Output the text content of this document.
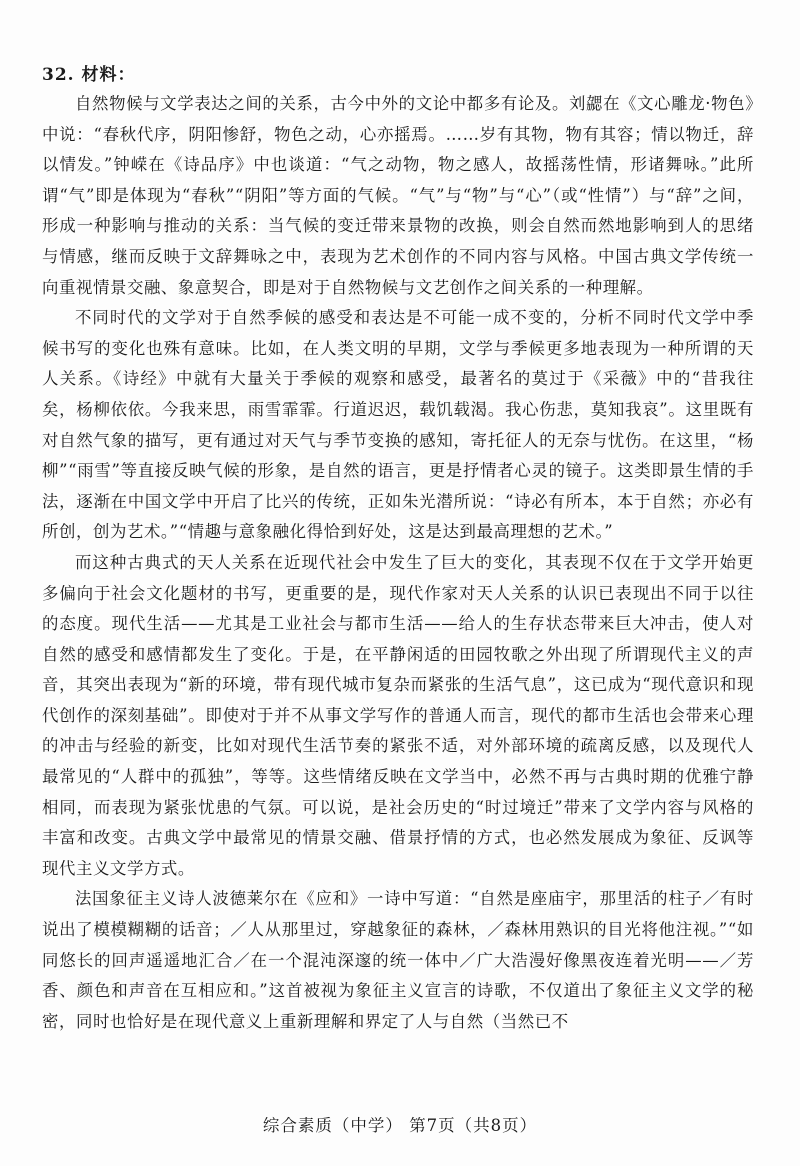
32. 材料：

自然物候与文学表达之间的关系，古今中外的文论中都多有论及。刘勰在《文心雕龙·物色》中说：“春秋代序，阴阳惨舒，物色之动，心亦摇焉。……岁有其物，物有其容；情以物迁，辞以情发。”钟嵘在《诗品序》中也谈道：“气之动物，物之感人，故摇荡性情，形诸舞咏。”此所谓“气”即是体现为“春秋”“阴阳”等方面的气候。“气”与“物”与“心”（或“性情”）与“辞”之间，形成一种影响与推动的关系：当气候的变迁带来景物的改换，则会自然而然地影响到人的思绪与情感，继而反映于文辞舞咏之中，表现为艺术创作的不同内容与风格。中国古典文学传统一向重视情景交融、象意契合，即是对于自然物候与文艺创作之间关系的一种理解。

不同时代的文学对于自然季候的感受和表达是不可能一成不变的，分析不同时代文学中季候书写的变化也殊有意味。比如，在人类文明的早期，文学与季候更多地表现为一种所谓的天人关系。《诗经》中就有大量关于季候的观察和感受，最著名的莫过于《采薇》中的“昔我往矣，杨柳依依。今我来思，雨雪霏霏。行道迟迟，载饥载渴。我心伤悲，莫知我哀”。这里既有对自然气象的描写，更有通过对天气与季节变换的感知，寄托征人的无奈与忧伤。在这里，“杨柳”“雨雪”等直接反映气候的形象，是自然的语言，更是抒情者心灵的镜子。这类即景生情的手法，逐渐在中国文学中开启了比兴的传统，正如朱光潜所说：“诗必有所本，本于自然；亦必有所创，创为艺术。”“情趣与意象融化得恰到好处，这是达到最高理想的艺术。”

而这种古典式的天人关系在近现代社会中发生了巨大的变化，其表现不仅在于文学开始更多偏向于社会文化题材的书写，更重要的是，现代作家对天人关系的认识已表现出不同于以往的态度。现代生活——尤其是工业社会与都市生活——给人的生存状态带来巨大冲击，使人对自然的感受和感情都发生了变化。于是，在平静闲适的田园牧歌之外出现了所谓现代主义的声音，其突出表现为“新的环境，带有现代城市复杂而紧张的生活气息”，这已成为“现代意识和现代创作的深刻基础”。即使对于并不从事文学写作的普通人而言，现代的都市生活也会带来心理的冲击与经验的新变，比如对现代生活节奏的紧张不适，对外部环境的疏离反感，以及现代人最常见的“人群中的孤独”，等等。这些情绪反映在文学当中，必然不再与古典时期的优雅宁静相同，而表现为紧张忧患的气氛。可以说，是社会历史的“时过境迁”带来了文学内容与风格的丰富和改变。古典文学中最常见的情景交融、借景抒情的方式，也必然发展成为象征、反讽等现代主义文学方式。

法国象征主义诗人波德莱尔在《应和》一诗中写道：“自然是座庙宇，那里活的柱子／有时说出了模模糊糊的话音；／人从那里过，穿越象征的森林，／森林用熟识的目光将他注视。”“如同悠长的回声遥遥地汇合／在一个混沌深邃的统一体中／广大浩漫好像黑夜连着光明——／芳香、颜色和声音在互相应和。”这首被视为象征主义宣言的诗歌，不仅道出了象征主义文学的秘密，同时也恰好是在现代意义上重新理解和界定了人与自然（当然已不

综合素质（中学） 第7页（共8页）
